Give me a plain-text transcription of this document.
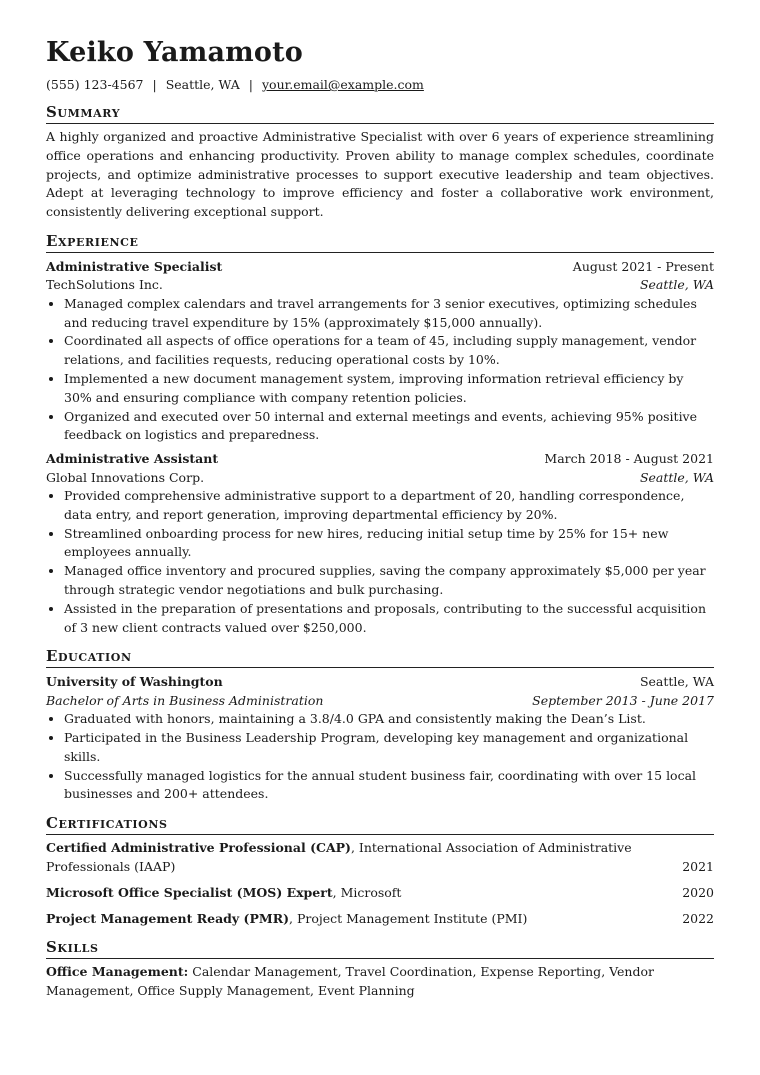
Keiko Yamamoto
(555) 123-4567 | Seattle, WA | your.email@example.com
Summary
A highly organized and proactive Administrative Specialist with over 6 years of experience streamlining office operations and enhancing productivity. Proven ability to manage complex schedules, coordinate projects, and optimize administrative processes to support executive leadership and team objectives. Adept at leveraging technology to improve efficiency and foster a collaborative work environment, consistently delivering exceptional support.
Experience
Administrative Specialist	August 2021 - Present
TechSolutions Inc.	Seattle, WA
• Managed complex calendars and travel arrangements for 3 senior executives, optimizing schedules and reducing travel expenditure by 15% (approximately $15,000 annually).
• Coordinated all aspects of office operations for a team of 45, including supply management, vendor relations, and facilities requests, reducing operational costs by 10%.
• Implemented a new document management system, improving information retrieval efficiency by 30% and ensuring compliance with company retention policies.
• Organized and executed over 50 internal and external meetings and events, achieving 95% positive feedback on logistics and preparedness.
Administrative Assistant	March 2018 - August 2021
Global Innovations Corp.	Seattle, WA
• Provided comprehensive administrative support to a department of 20, handling correspondence, data entry, and report generation, improving departmental efficiency by 20%.
• Streamlined onboarding process for new hires, reducing initial setup time by 25% for 15+ new employees annually.
• Managed office inventory and procured supplies, saving the company approximately $5,000 per year through strategic vendor negotiations and bulk purchasing.
• Assisted in the preparation of presentations and proposals, contributing to the successful acquisition of 3 new client contracts valued over $250,000.
Education
University of Washington	Seattle, WA
Bachelor of Arts in Business Administration	September 2013 - June 2017
• Graduated with honors, maintaining a 3.8/4.0 GPA and consistently making the Dean’s List.
• Participated in the Business Leadership Program, developing key management and organizational skills.
• Successfully managed logistics for the annual student business fair, coordinating with over 15 local businesses and 200+ attendees.
Certifications
Certified Administrative Professional (CAP), International Association of Administrative Professionals (IAAP)	2021
Microsoft Office Specialist (MOS) Expert, Microsoft	2020
Project Management Ready (PMR), Project Management Institute (PMI)	2022
Skills
Office Management: Calendar Management, Travel Coordination, Expense Reporting, Vendor Management, Office Supply Management, Event Planning
